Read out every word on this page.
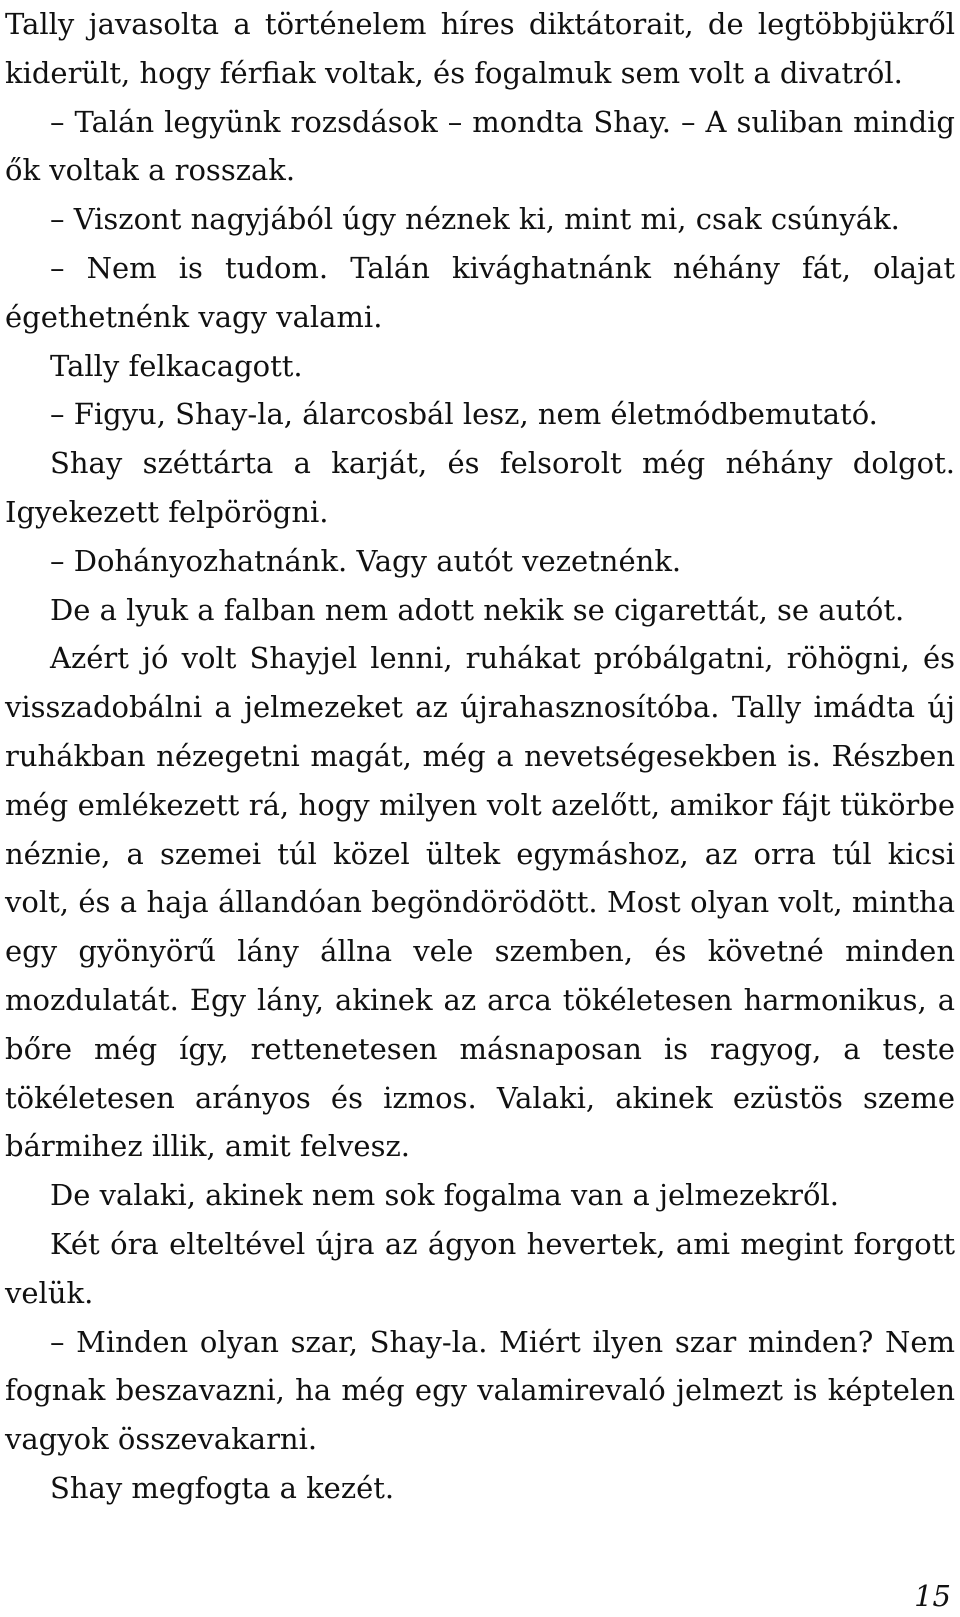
Tally javasolta a történelem híres diktátorait, de legtöbbjükről kiderült, hogy férfiak voltak, és fogalmuk sem volt a divatról.

– Talán legyünk rozsdások – mondta Shay. – A suliban mindig ők voltak a rosszak.

– Viszont nagyjából úgy néznek ki, mint mi, csak csúnyák.

– Nem is tudom. Talán kivághatnánk néhány fát, olajat égethetnénk vagy valami.

Tally felkacagott.

– Figyu, Shay-la, álarcosbál lesz, nem életmódbemutató.

Shay széttárta a karját, és felsorolt még néhány dolgot. Igyekezett felpörögni.

– Dohányozhatnánk. Vagy autót vezetnénk.

De a lyuk a falban nem adott nekik se cigarettát, se autót.

Azért jó volt Shayjel lenni, ruhákat próbálgatni, röhögni, és visszadobálni a jelmezeket az újrahasznosítóba. Tally imádta új ruhákban nézegetni magát, még a nevetségesekben is. Részben még emlékezett rá, hogy milyen volt azelőtt, amikor fájt tükörbe néznie, a szemei túl közel ültek egymáshoz, az orra túl kicsi volt, és a haja állandóan begöndörödött. Most olyan volt, mintha egy gyönyörű lány állna vele szemben, és követné minden mozdulatát. Egy lány, akinek az arca tökéletesen harmonikus, a bőre még így, rettenetesen másnaposan is ragyog, a teste tökéletesen arányos és izmos. Valaki, akinek ezüstös szeme bármihez illik, amit felvesz.

De valaki, akinek nem sok fogalma van a jelmezekről.

Két óra elteltével újra az ágyon hevertek, ami megint forgott velük.

– Minden olyan szar, Shay-la. Miért ilyen szar minden? Nem fognak beszavazni, ha még egy valamirevaló jelmezt is képtelen vagyok összevakarni.

Shay megfogta a kezét.

15
